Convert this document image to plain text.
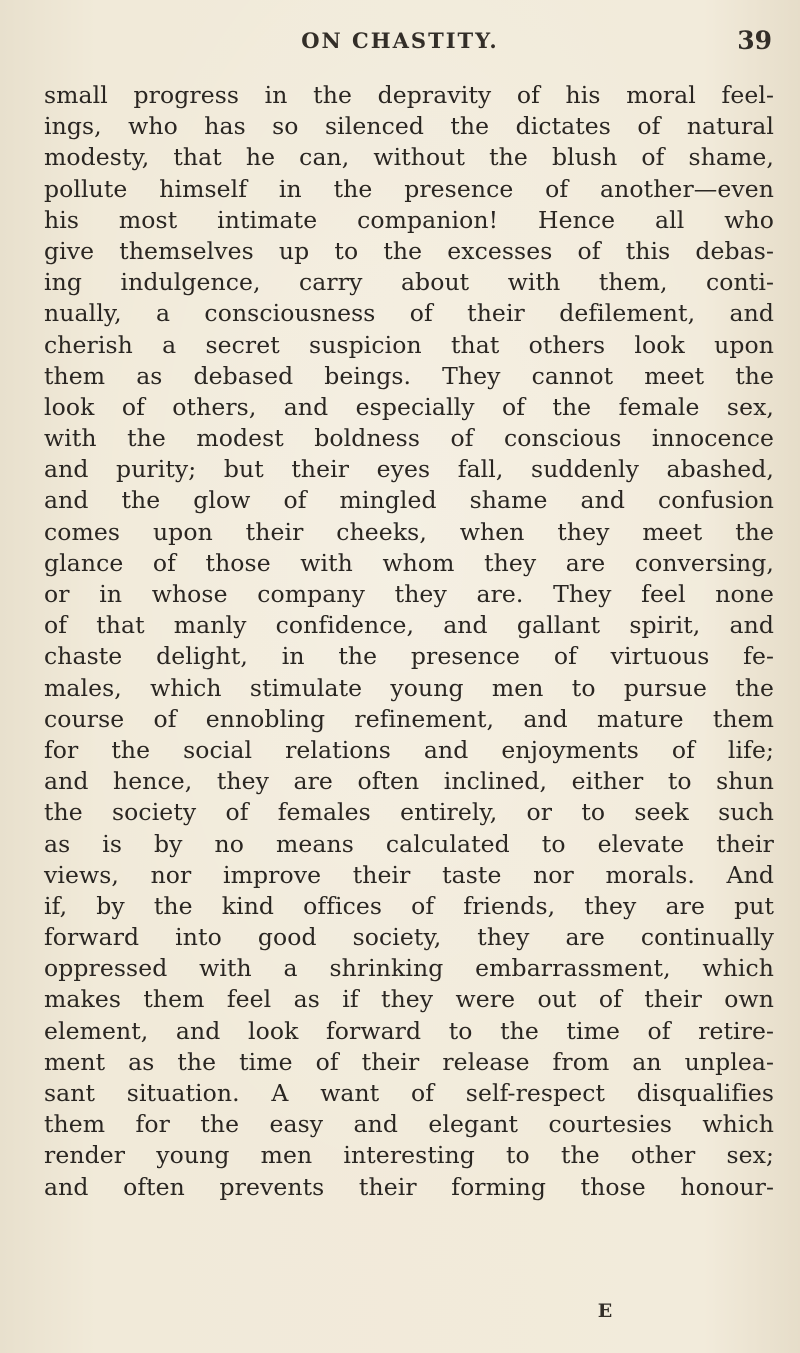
ON CHASTITY.	39
small progress in the depravity of his moral feel-
ings, who has so silenced the dictates of natural
modesty, that he can, without the blush of shame,
pollute himself in the presence of another—even
his most intimate companion! Hence all who
give themselves up to the excesses of this debas-
ing indulgence, carry about with them, conti-
nually, a consciousness of their defilement, and
cherish a secret suspicion that others look upon
them as debased beings. They cannot meet the
look of others, and especially of the female sex,
with the modest boldness of conscious innocence
and purity; but their eyes fall, suddenly abashed,
and the glow of mingled shame and confusion
comes upon their cheeks, when they meet the
glance of those with whom they are conversing,
or in whose company they are. They feel none
of that manly confidence, and gallant spirit, and
chaste delight, in the presence of virtuous fe-
males, which stimulate young men to pursue the
course of ennobling refinement, and mature them
for the social relations and enjoyments of life;
and hence, they are often inclined, either to shun
the society of females entirely, or to seek such
as is by no means calculated to elevate their
views, nor improve their taste nor morals. And
if, by the kind offices of friends, they are put
forward into good society, they are continually
oppressed with a shrinking embarrassment, which
makes them feel as if they were out of their own
element, and look forward to the time of retire-
ment as the time of their release from an unplea-
sant situation. A want of self-respect disqualifies
them for the easy and elegant courtesies which
render young men interesting to the other sex;
and often prevents their forming those honour-
E
